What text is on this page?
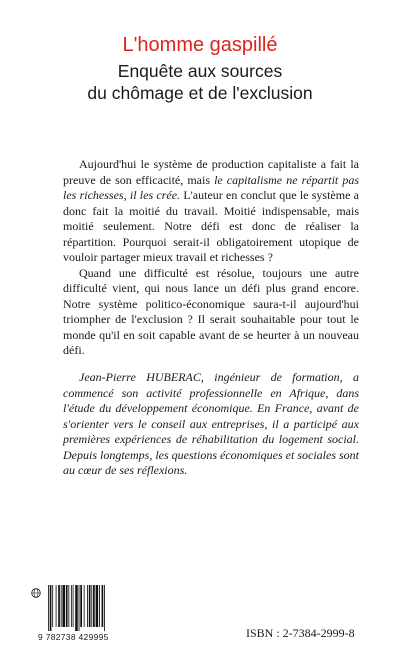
L'homme gaspillé
Enquête aux sources
du chômage et de l'exclusion

Aujourd'hui le système de production capitaliste a fait la preuve de son efficacité, mais le capitalisme ne répartit pas les richesses, il les crée. L'auteur en conclut que le système a donc fait la moitié du travail. Moitié indispensable, mais moitié seulement. Notre défi est donc de réaliser la répartition. Pourquoi serait-il obligatoirement utopique de vouloir partager mieux travail et richesses ?

Quand une difficulté est résolue, toujours une autre difficulté vient, qui nous lance un défi plus grand encore. Notre système politico-économique saura-t-il aujourd'hui triompher de l'exclusion ? Il serait souhaitable pour tout le monde qu'il en soit capable avant de se heurter à un nouveau défi.

Jean-Pierre HUBERAC, ingénieur de formation, a commencé son activité professionnelle en Afrique, dans l'étude du développement économique. En France, avant de s'orienter vers le conseil aux entreprises, il a participé aux premières expériences de réhabilitation du logement social. Depuis longtemps, les questions économiques et sociales sont au cœur de ses réflexions.

9 782738 429995	ISBN : 2-7384-2999-8
